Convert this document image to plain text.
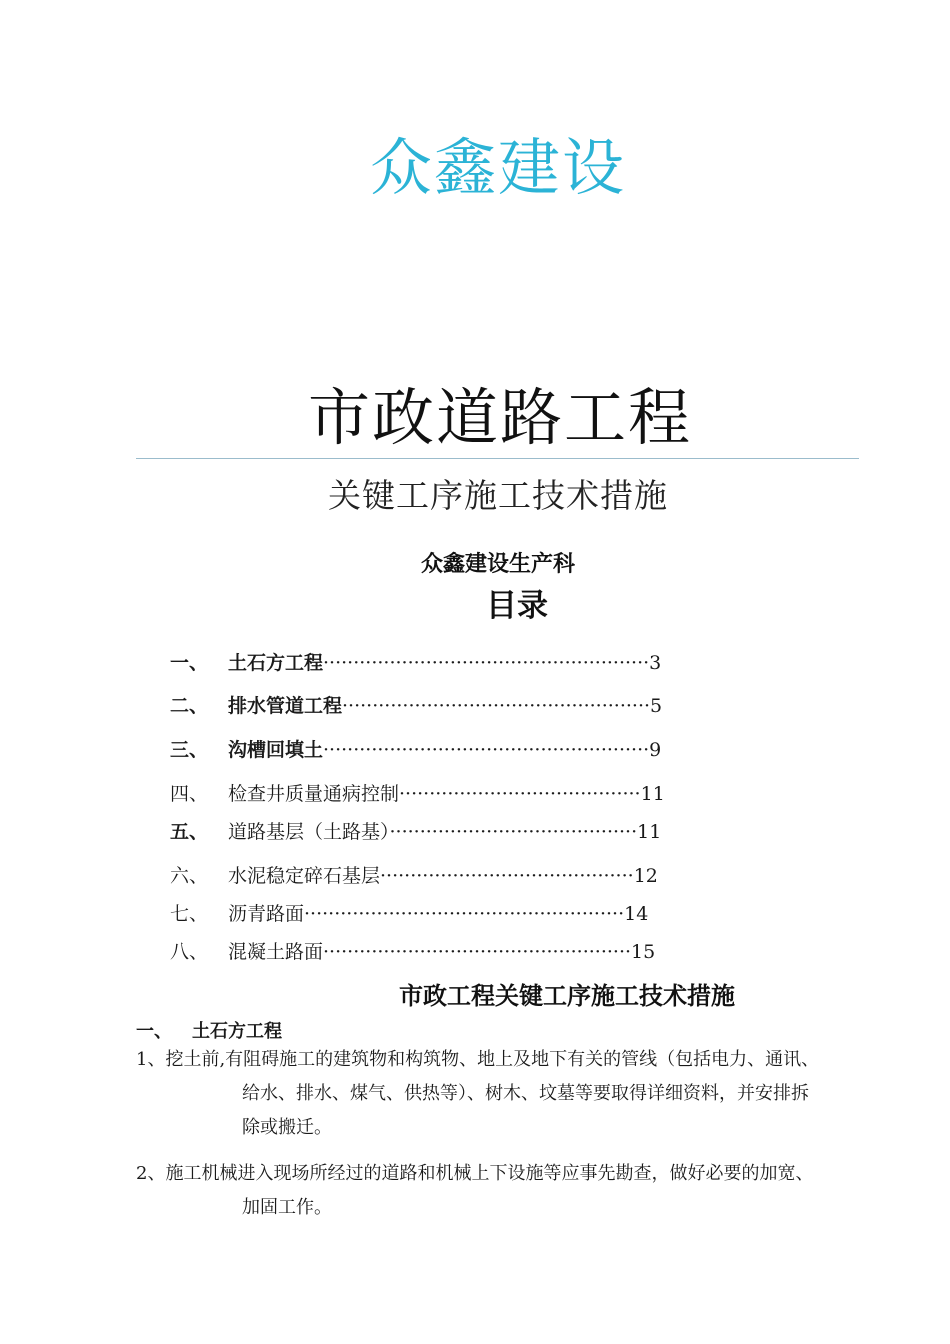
众鑫建设
市政道路工程
关键工序施工技术措施
众鑫建设生产科
目录
一、	土石方工程······················································3
二、	排水管道工程···················································5
三、	沟槽回填土······················································9
四、	检查井质量通病控制········································11
五、	道路基层（土路基）·········································11
六、	水泥稳定碎石基层··········································12
七、	沥青路面·····················································14
八、	混凝土路面···················································15
市政工程关键工序施工技术措施
一、 土石方工程
1、挖土前,有阻碍施工的建筑物和构筑物、地上及地下有关的管线（包括电力、通讯、
给水、排水、煤气、供热等）、树木、坟墓等要取得详细资料，并安排拆
除或搬迁。
2、施工机械进入现场所经过的道路和机械上下设施等应事先勘查，做好必要的加宽、
加固工作。
